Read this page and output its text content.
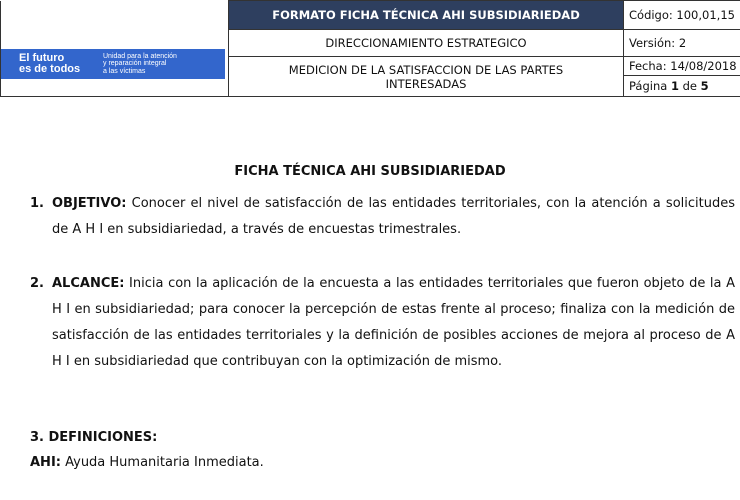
El futuro
es de todos
Unidad para la atención
y reparación integral
a las víctimas	FORMATO FICHA TÉCNICA AHI SUBSIDIARIEDAD	Código: 100,01,15
	DIRECCIONAMIENTO ESTRATEGICO	Versión: 2
	MEDICION DE LA SATISFACCION DE LAS PARTES
INTERESADAS	Fecha: 14/08/2018
		Página 1 de 5
FICHA TÉCNICA AHI SUBSIDIARIEDAD
1. OBJETIVO: Conocer el nivel de satisfacción de las entidades territoriales, con la atención a solicitudes de A H I en subsidiariedad, a través de encuestas trimestrales.
2. ALCANCE: Inicia con la aplicación de la encuesta a las entidades territoriales que fueron objeto de la A H I en subsidiariedad; para conocer la percepción de estas frente al proceso; finaliza con la medición de satisfacción de las entidades territoriales y la definición de posibles acciones de mejora al proceso de A H I en subsidiariedad que contribuyan con la optimización de mismo.
3. DEFINICIONES:
AHI: Ayuda Humanitaria Inmediata.
